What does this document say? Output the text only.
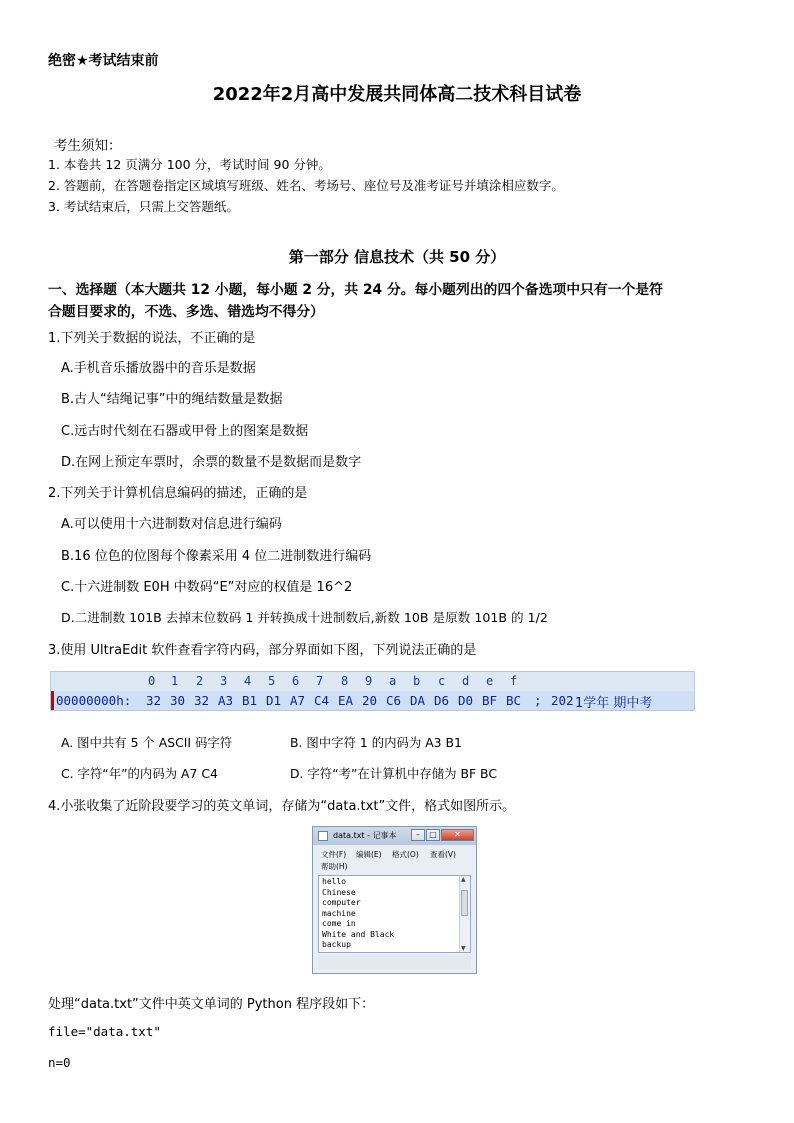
绝密★考试结束前
2022年2月高中发展共同体高二技术科目试卷
考生须知：
1. 本卷共 12 页满分 100 分，考试时间 90 分钟。
2. 答题前，在答题卷指定区域填写班级、姓名、考场号、座位号及准考证号并填涂相应数字。
3. 考试结束后，只需上交答题纸。
第一部分 信息技术（共 50 分）
一、选择题（本大题共 12 小题，每小题 2 分，共 24 分。每小题列出的四个备选项中只有一个是符
合题目要求的，不选、多选、错选均不得分）
1.下列关于数据的说法，不正确的是
A.手机音乐播放器中的音乐是数据
B.古人“结绳记事”中的绳结数量是数据
C.远古时代刻在石器或甲骨上的图案是数据
D.在网上预定车票时，余票的数量不是数据而是数字
2.下列关于计算机信息编码的描述，正确的是
A.可以使用十六进制数对信息进行编码
B.16 位色的位图每个像素采用 4 位二进制数进行编码
C.十六进制数 E0H 中数码“E”对应的权值是 16^2
D.二进制数 101B 去掉末位数码 1 并转换成十进制数后,新数 10B 是原数 101B 的 1/2
3.使用 UltraEdit 软件查看字符内码，部分界面如下图，下列说法正确的是
0 1 2 3 4 5 6 7 8 9 a b c d e f
00000000h: 32 30 32 A3 B1 D1 A7 C4 EA 20 C6 DA D6 D0 BF BC ; 202 1学年 期中考
A. 图中共有 5 个 ASCII 码字符	B. 图中字符 1 的内码为 A3 B1
C. 字符“年”的内码为 A7 C4	D. 字符“考”在计算机中存储为 BF BC
4.小张收集了近阶段要学习的英文单词，存储为“data.txt”文件，格式如图所示。
data.txt - 记事本	–	□	✕
文件(F) 编辑(E) 格式(O) 查看(V)
帮助(H)
hello
Chinese
computer
machine
come in
White and Black
backup
▲
▼
处理“data.txt”文件中英文单词的 Python 程序段如下：
file="data.txt"
n=0
